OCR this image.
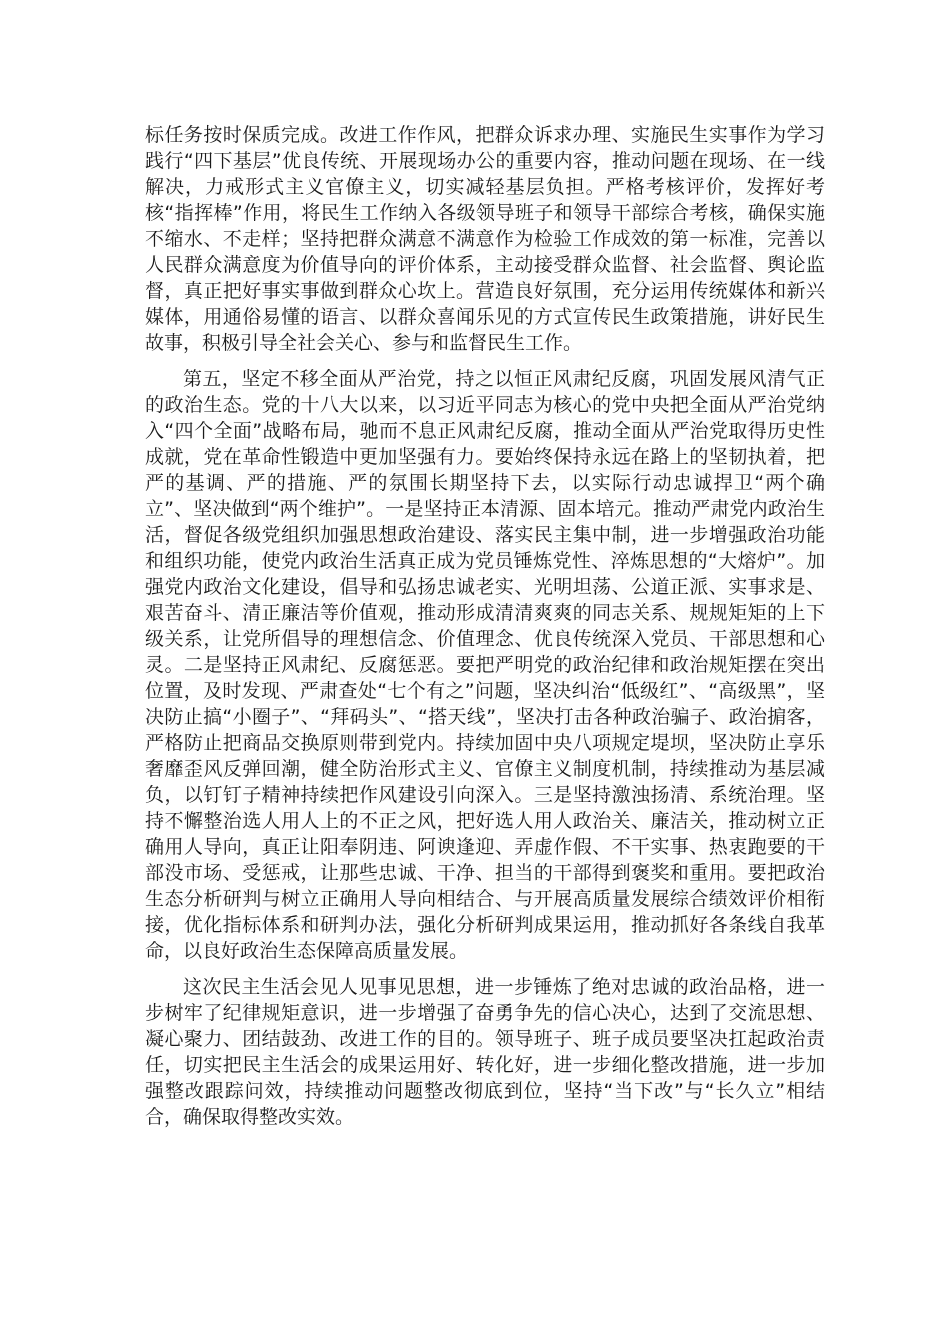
标任务按时保质完成。改进工作作风，把群众诉求办理、实施民生实事作为学习践行“四下基层”优良传统、开展现场办公的重要内容，推动问题在现场、在一线解决，力戒形式主义官僚主义，切实减轻基层负担。严格考核评价，发挥好考核“指挥棒”作用，将民生工作纳入各级领导班子和领导干部综合考核，确保实施不缩水、不走样；坚持把群众满意不满意作为检验工作成效的第一标准，完善以人民群众满意度为价值导向的评价体系，主动接受群众监督、社会监督、舆论监督，真正把好事实事做到群众心坎上。营造良好氛围，充分运用传统媒体和新兴媒体，用通俗易懂的语言、以群众喜闻乐见的方式宣传民生政策措施，讲好民生故事，积极引导全社会关心、参与和监督民生工作。

第五，坚定不移全面从严治党，持之以恒正风肃纪反腐，巩固发展风清气正的政治生态。党的十八大以来，以习近平同志为核心的党中央把全面从严治党纳入“四个全面”战略布局，驰而不息正风肃纪反腐，推动全面从严治党取得历史性成就，党在革命性锻造中更加坚强有力。要始终保持永远在路上的坚韧执着，把严的基调、严的措施、严的氛围长期坚持下去，以实际行动忠诚捍卫“两个确立”、坚决做到“两个维护”。一是坚持正本清源、固本培元。推动严肃党内政治生活，督促各级党组织加强思想政治建设、落实民主集中制，进一步增强政治功能和组织功能，使党内政治生活真正成为党员锤炼党性、淬炼思想的“大熔炉”。加强党内政治文化建设，倡导和弘扬忠诚老实、光明坦荡、公道正派、实事求是、艰苦奋斗、清正廉洁等价值观，推动形成清清爽爽的同志关系、规规矩矩的上下级关系，让党所倡导的理想信念、价值理念、优良传统深入党员、干部思想和心灵。二是坚持正风肃纪、反腐惩恶。要把严明党的政治纪律和政治规矩摆在突出位置，及时发现、严肃查处“七个有之”问题，坚决纠治“低级红”、“高级黑”，坚决防止搞“小圈子”、“拜码头”、“搭天线”，坚决打击各种政治骗子、政治掮客，严格防止把商品交换原则带到党内。持续加固中央八项规定堤坝，坚决防止享乐奢靡歪风反弹回潮，健全防治形式主义、官僚主义制度机制，持续推动为基层减负，以钉钉子精神持续把作风建设引向深入。三是坚持激浊扬清、系统治理。坚持不懈整治选人用人上的不正之风，把好选人用人政治关、廉洁关，推动树立正确用人导向，真正让阳奉阴违、阿谀逢迎、弄虚作假、不干实事、热衷跑要的干部没市场、受惩戒，让那些忠诚、干净、担当的干部得到褒奖和重用。要把政治生态分析研判与树立正确用人导向相结合、与开展高质量发展综合绩效评价相衔接，优化指标体系和研判办法，强化分析研判成果运用，推动抓好各条线自我革命，以良好政治生态保障高质量发展。

这次民主生活会见人见事见思想，进一步锤炼了绝对忠诚的政治品格，进一步树牢了纪律规矩意识，进一步增强了奋勇争先的信心决心，达到了交流思想、凝心聚力、团结鼓劲、改进工作的目的。领导班子、班子成员要坚决扛起政治责任，切实把民主生活会的成果运用好、转化好，进一步细化整改措施，进一步加强整改跟踪问效，持续推动问题整改彻底到位，坚持“当下改”与“长久立”相结合，确保取得整改实效。
